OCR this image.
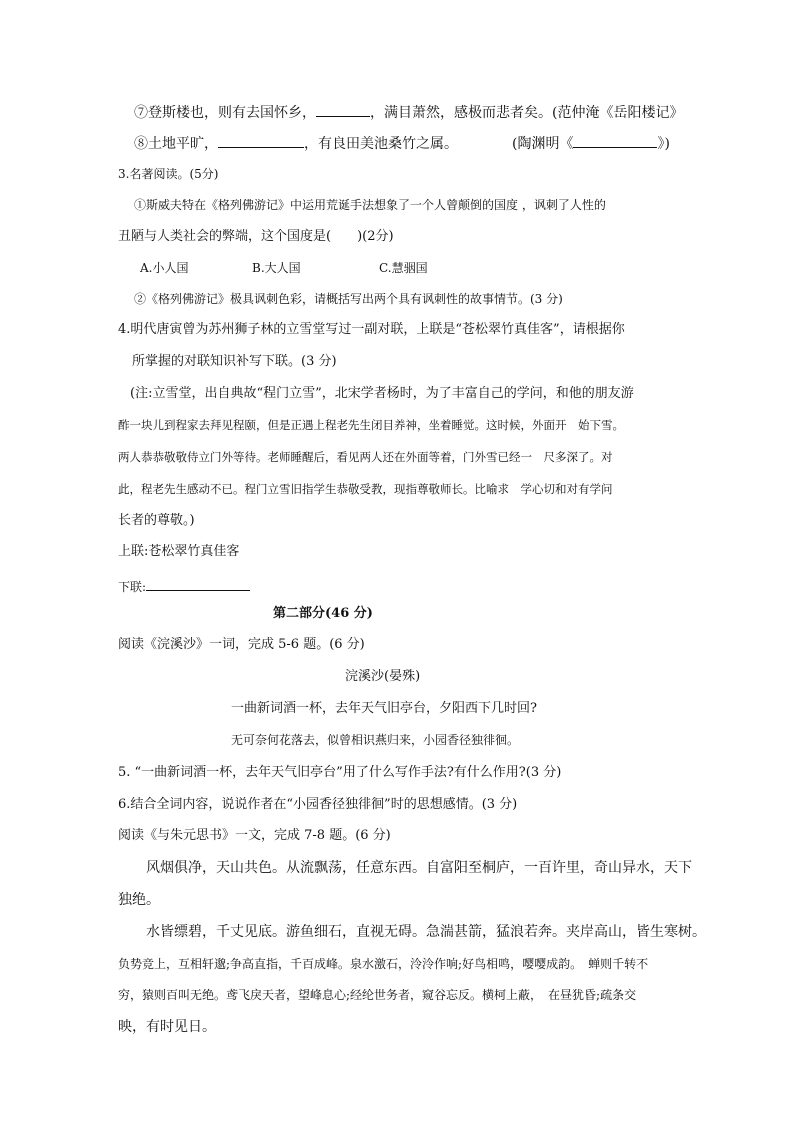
⑦登斯楼也，则有去国怀乡，	，满目萧然，感极而悲者矣。(范仲淹《岳阳楼记》
⑧土地平旷，	，有良田美池桑竹之属。	(陶渊明《	》)
3.名著阅读。(5分)
①斯威夫特在《格列佛游记》中运用荒诞手法想象了一个人曾颠倒的国度 ，讽刺了人性的
丑陋与人类社会的弊端，这个国度是(　　)(2分)
A.小人国	B.大人国	C.慧骃国
②《格列佛游记》极具讽刺色彩，请概括写出两个具有讽刺性的故事情节。(3 分)
4.明代唐寅曾为苏州狮子林的立雪堂写过一副对联，上联是“苍松翠竹真佳客”，请根据你
所掌握的对联知识补写下联。(3 分)
(注:立雪堂，出自典故“程门立雪”，北宋学者杨时，为了丰富自己的学问，和他的朋友游
酢一块儿到程家去拜见程颐，但是正遇上程老先生闭目养神，坐着睡觉。这时候，外面开　始下雪。
两人恭恭敬敬侍立门外等待。老师睡醒后，看见两人还在外面等着，门外雪已经一　尺多深了。对
此，程老先生感动不已。程门立雪旧指学生恭敬受教，现指尊敬师长。比喻求　学心切和对有学问
长者的尊敬。)
上联:苍松翠竹真佳客
下联:
第二部分(46 分)
阅读《浣溪沙》一词，完成 5-6 题。(6 分)
浣溪沙(晏殊)
一曲新词酒一杯，去年天气旧亭台，夕阳西下几时回?
无可奈何花落去，似曾相识燕归来，小园香径独徘徊。
5. “一曲新词酒一杯，去年天气旧亭台”用了什么写作手法?有什么作用?(3 分)
6.结合全词内容，说说作者在“小园香径独徘徊”时的思想感情。(3 分)
阅读《与朱元思书》一文，完成 7-8 题。(6 分)
风烟俱净，天山共色。从流飘荡，任意东西。自富阳至桐庐，一百许里，奇山异水，天下
独绝。
水皆缥碧，千丈见底。游鱼细石，直视无碍。急湍甚箭，猛浪若奔。夹岸高山，皆生寒树。
负势竞上，互相轩邈;争高直指，千百成峰。泉水激石，泠泠作响;好鸟相鸣，嘤嘤成韵。　蝉则千转不
穷，猿则百叫无绝。鸢飞戾天者，望峰息心;经纶世务者，窥谷忘反。横柯上蔽，　在昼犹昏;疏条交
映，有时见日。
